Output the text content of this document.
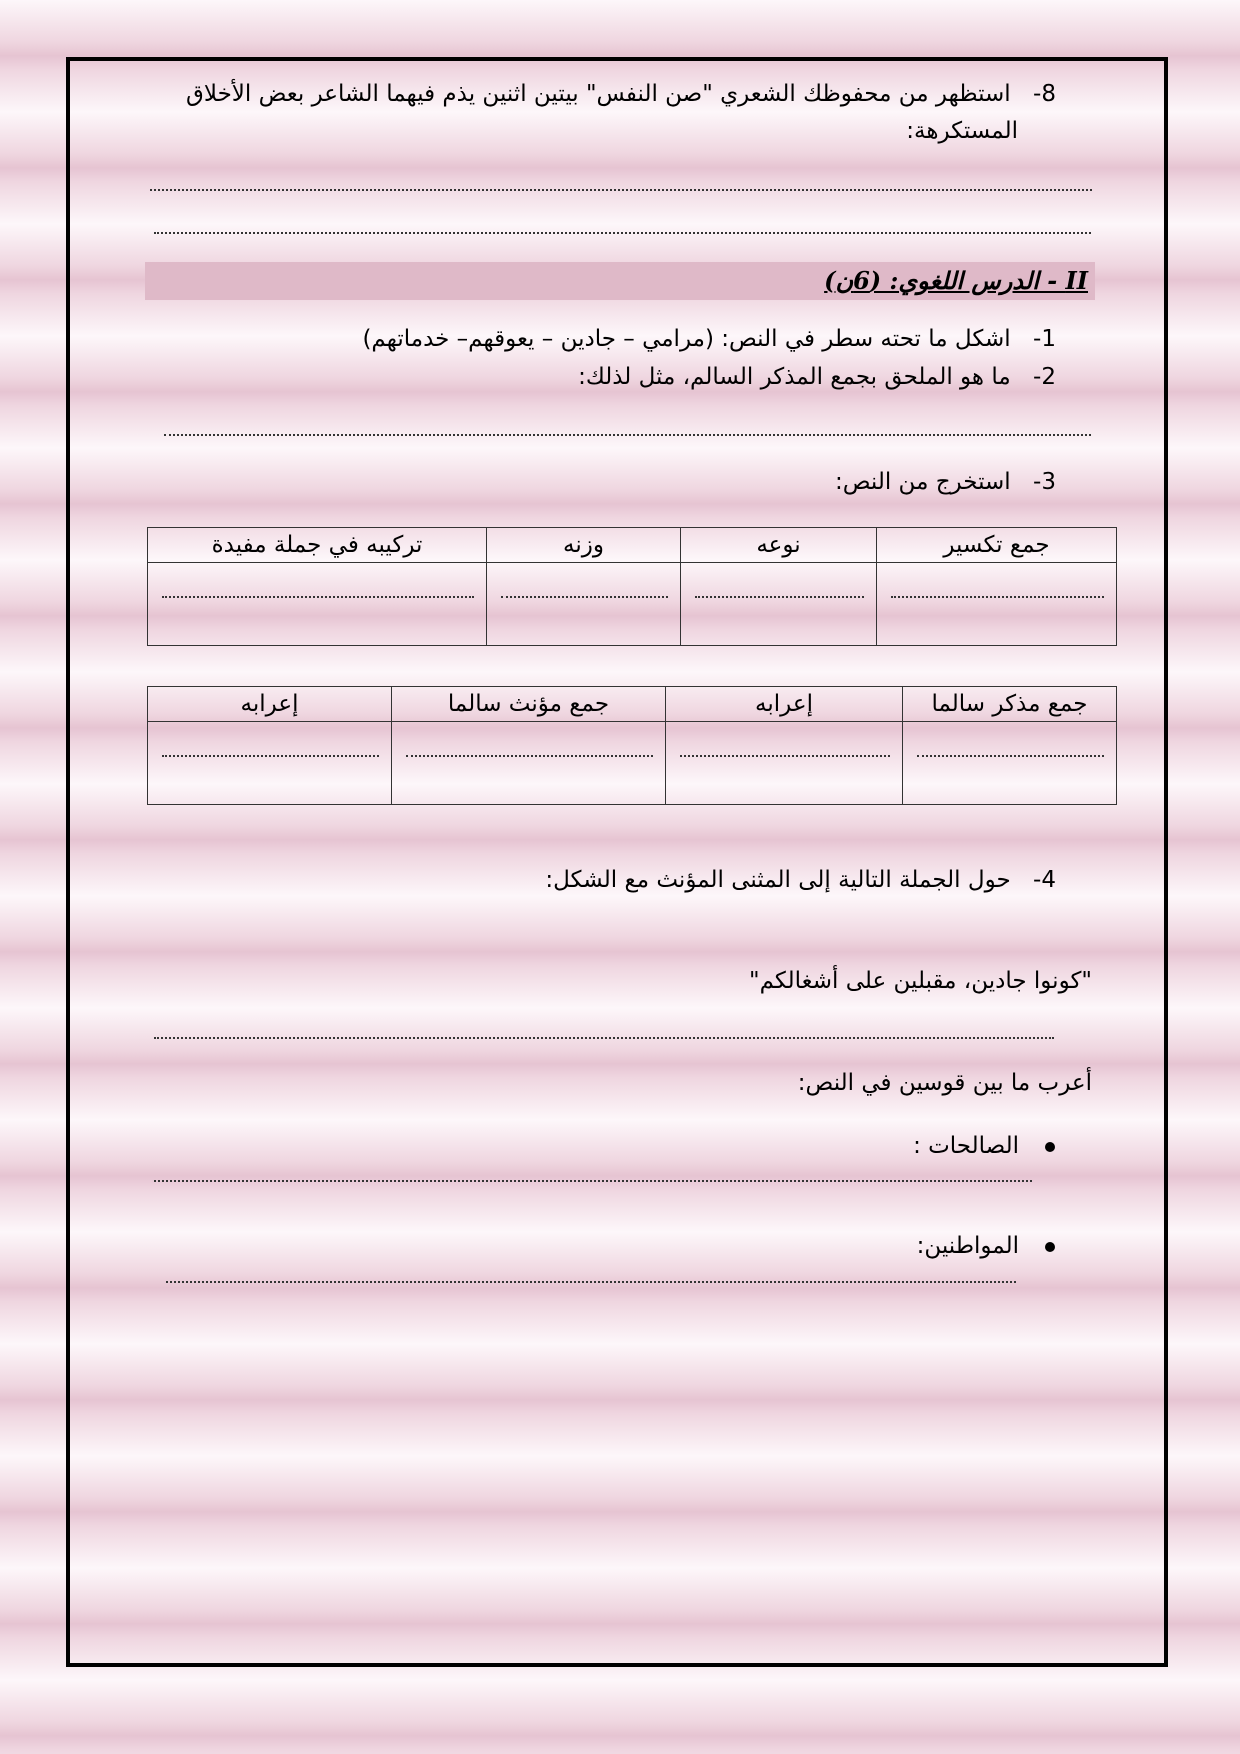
8- استظهر من محفوظك الشعري "صن النفس" بيتين اثنين يذم فيهما الشاعر بعض الأخلاق
المستكرهة:
II - الدرس اللغوي: (6ن)
1- اشكل ما تحته سطر في النص: (مرامي – جادين – يعوقهم– خدماتهم)
2- ما هو الملحق بجمع المذكر السالم، مثل لذلك:
3- استخرج من النص:
جمع تكسير	نوعه	وزنه	تركيبه في جملة مفيدة

جمع مذكر سالما	إعرابه	جمع مؤنث سالما	إعرابه

4- حول الجملة التالية إلى المثنى المؤنث مع الشكل:
"كونوا جادين، مقبلين على أشغالكم"
أعرب ما بين قوسين في النص:
الصالحات :
المواطنين:
